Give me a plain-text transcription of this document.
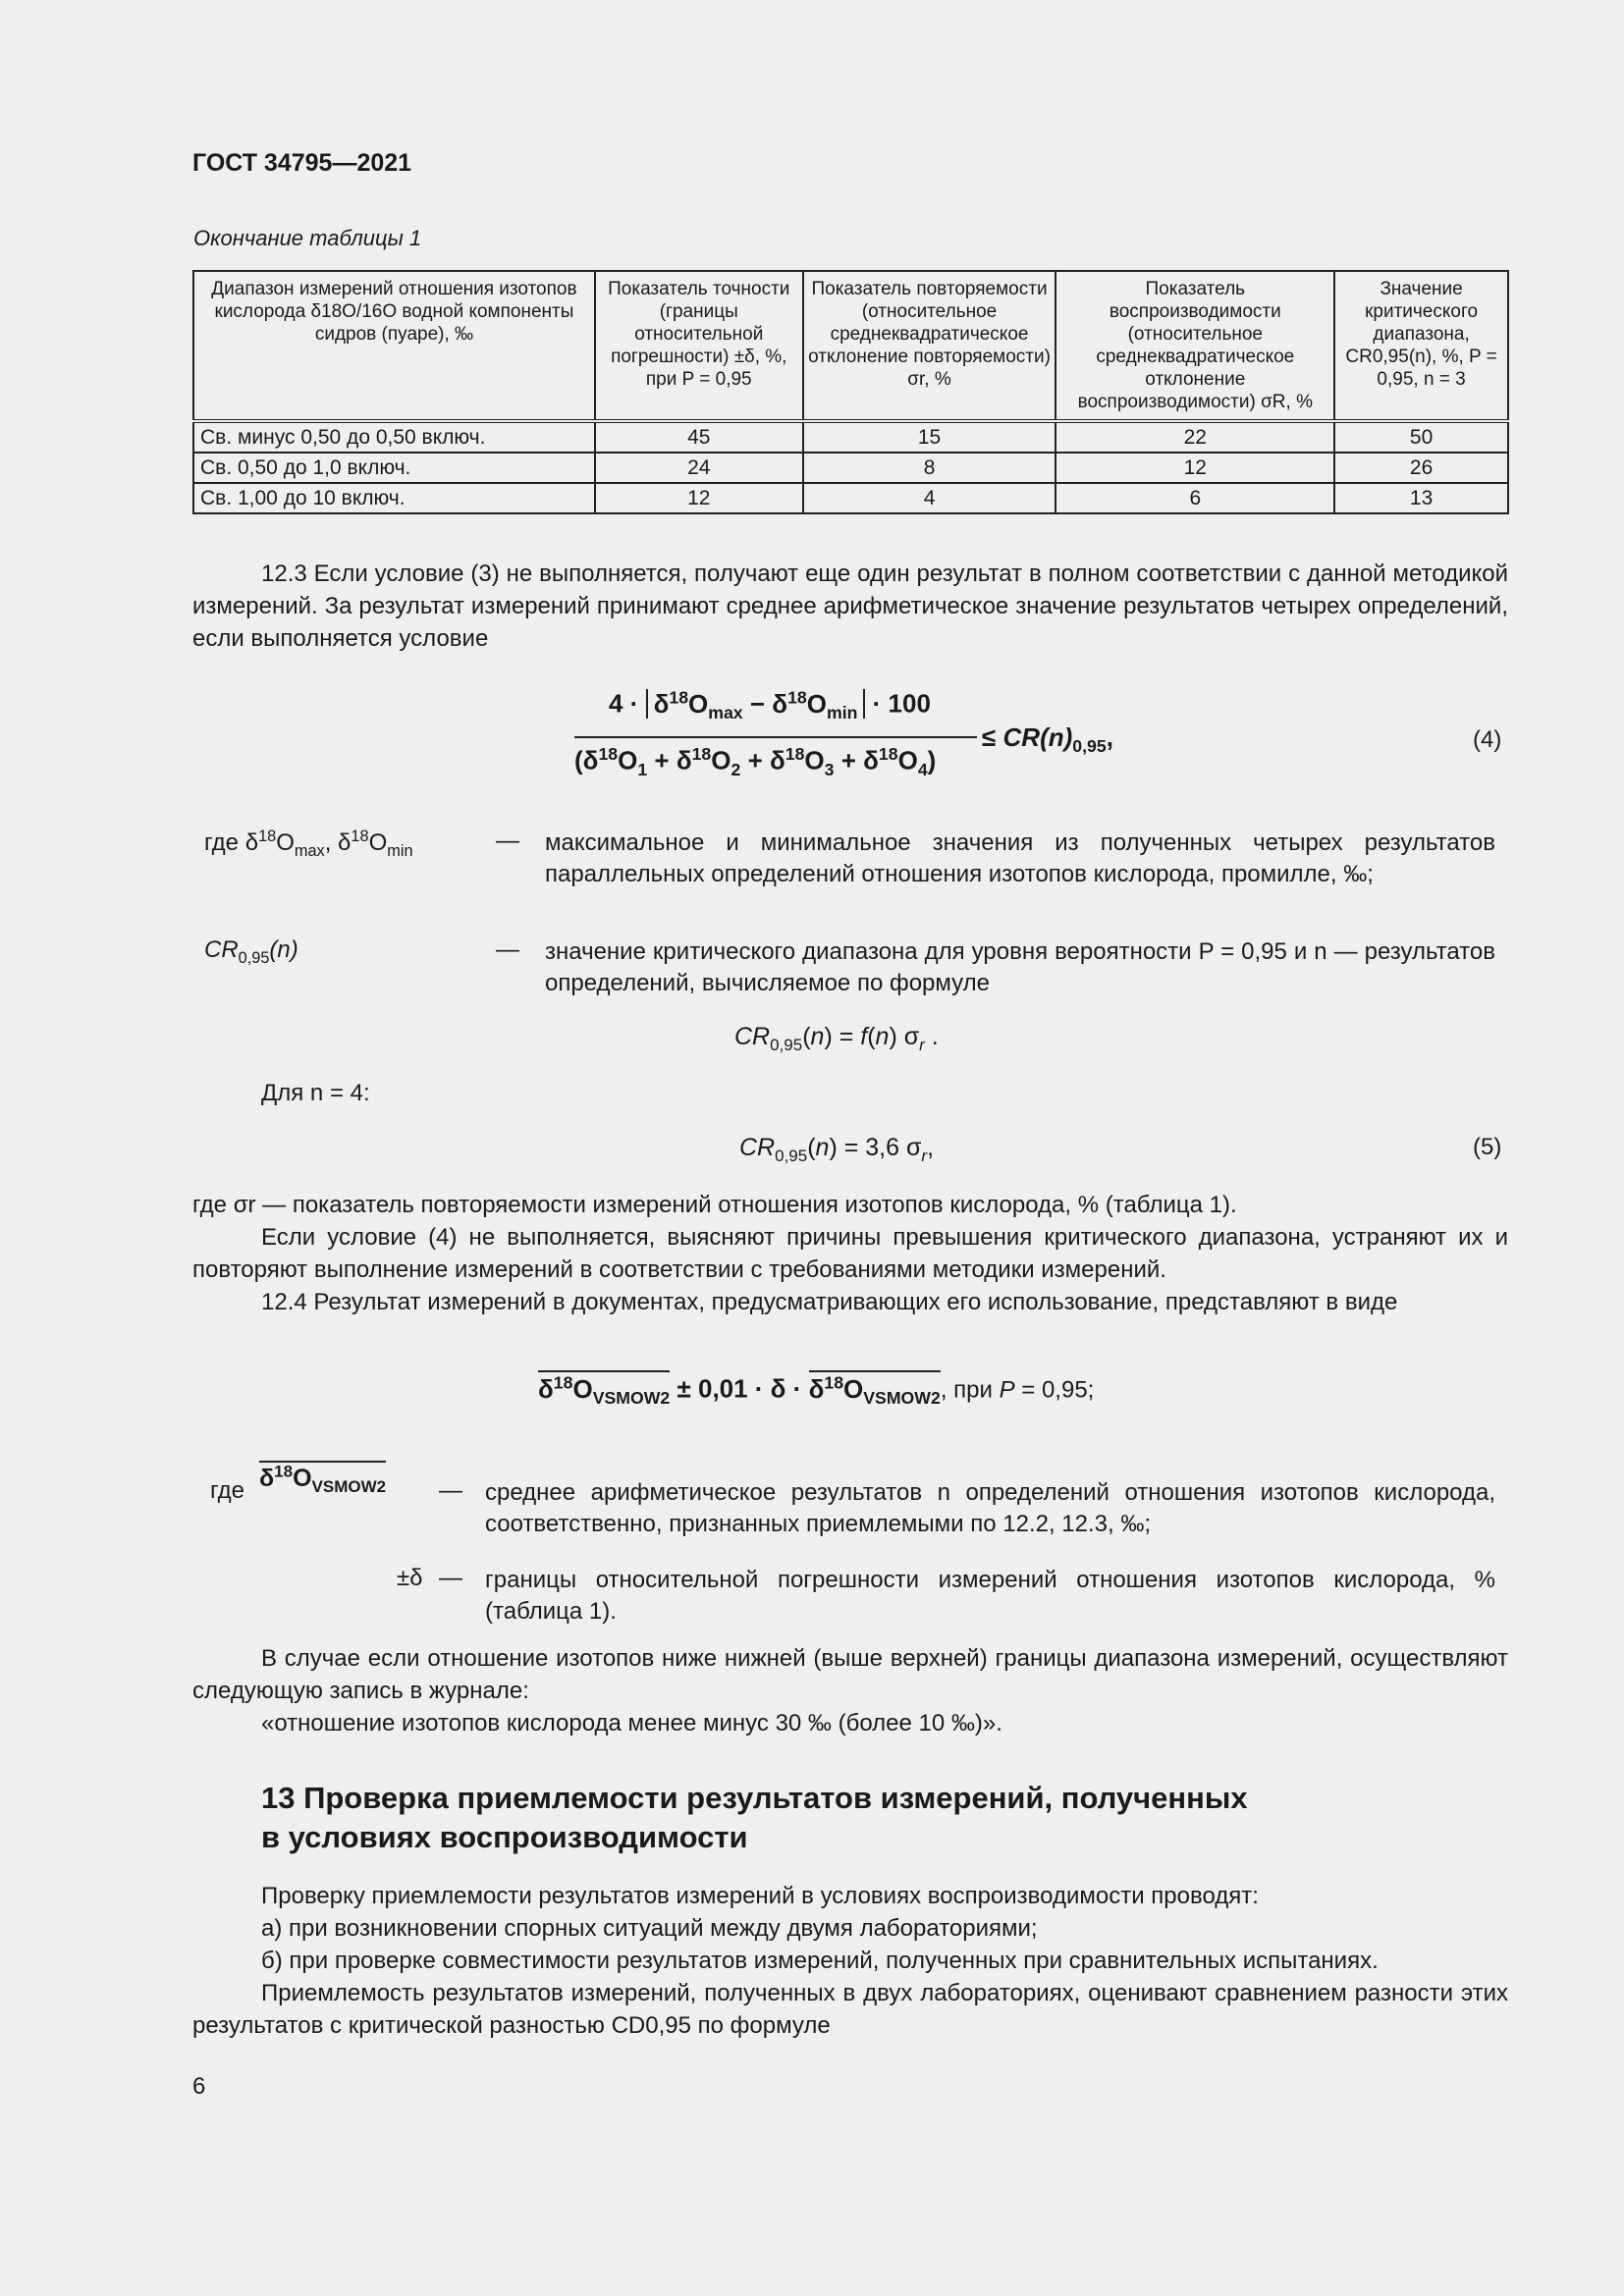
ГОСТ 34795—2021
Окончание таблицы 1
Диапазон измерений отношения изотопов кислорода δ18O/16O водной компоненты сидров (пуаре), ‰	Показатель точности (границы относительной погрешности) ±δ, %, при P = 0,95	Показатель повторяемости (относительное среднеквадратическое отклонение повторяемости) σr, %	Показатель воспроизводимости (относительное среднеквадратическое отклонение воспроизводимости) σR, %	Значение критического диапазона, CR0,95(n), %, P = 0,95, n = 3
Св. минус 0,50 до 0,50 включ.	45	15	22	50
Св. 0,50 до 1,0 включ.	24	8	12	26
Св. 1,00 до 10 включ.	12	4	6	13
12.3 Если условие (3) не выполняется, получают еще один результат в полном соответствии с данной методикой измерений. За результат измерений принимают среднее арифметическое значение результатов четырех определений, если выполняется условие
$4 \cdot \delta^{18}O_{max} - \delta^{18}O_{min} \cdot 100$
$(\delta^{18}O_1 + \delta^{18}O_2 + \delta^{18}O_3 + \delta^{18}O_4)$
≤ $CR(n)_{0,95}$,	(4)
где $\delta^{18}O_{max}$, $\delta^{18}O_{min}$	— максимальное и минимальное значения из полученных четырех результатов параллельных определений отношения изотопов кислорода, промилле, ‰;
$CR_{0,95}(n)$	— значение критического диапазона для уровня вероятности P = 0,95 и n — результатов определений, вычисляемое по формуле
$CR_{0,95}(n) = f(n)$ $\sigma_r$ .
Для n = 4:
$CR_{0,95}(n) = 3,6$ $\sigma_r$,	(5)
где σr — показатель повторяемости измерений отношения изотопов кислорода, % (таблица 1).
Если условие (4) не выполняется, выясняют причины превышения критического диапазона, устраняют их и повторяют выполнение измерений в соответствии с требованиями методики измерений.
12.4 Результат измерений в документах, предусматривающих его использование, представляют в виде
$\delta^{18}O_{VSMOW2} \pm 0,01 \cdot \delta \cdot \delta^{18}O_{VSMOW2}$, при P = 0,95;
где $\delta^{18}O_{VSMOW2}$ — среднее арифметическое результатов n определений отношения изотопов кислорода, соответственно, признанных приемлемыми по 12.2, 12.3, ‰;
±δ — границы относительной погрешности измерений отношения изотопов кислорода, % (таблица 1).
В случае если отношение изотопов ниже нижней (выше верхней) границы диапазона измерений, осуществляют следующую запись в журнале:
«отношение изотопов кислорода менее минус 30 ‰ (более 10 ‰)».
13 Проверка приемлемости результатов измерений, полученных
в условиях воспроизводимости
Проверку приемлемости результатов измерений в условиях воспроизводимости проводят:
а) при возникновении спорных ситуаций между двумя лабораториями;
б) при проверке совместимости результатов измерений, полученных при сравнительных испытаниях.
Приемлемость результатов измерений, полученных в двух лабораториях, оценивают сравнением разности этих результатов с критической разностью CD0,95 по формуле
6
